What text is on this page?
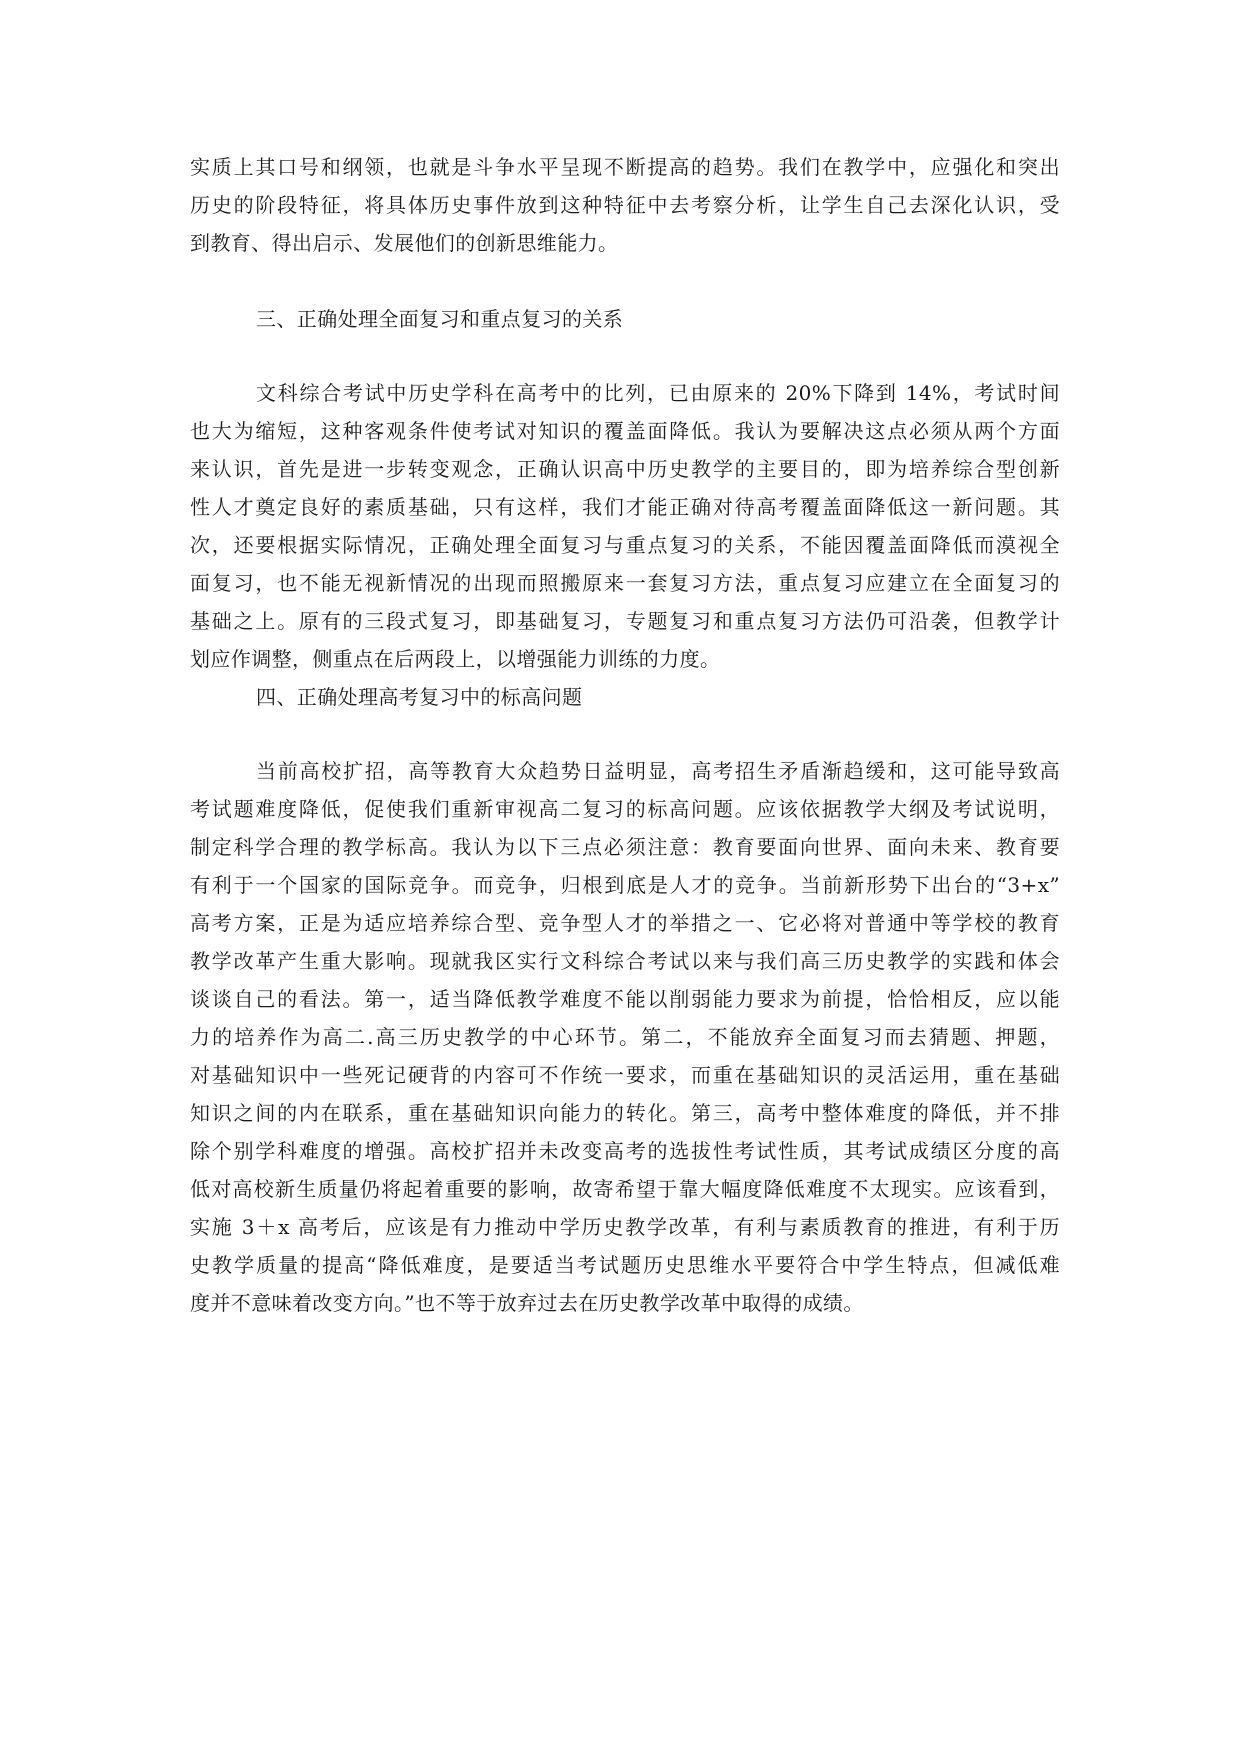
实质上其口号和纲领，也就是斗争水平呈现不断提高的趋势。我们在教学中，应强化和突出
历史的阶段特征，将具体历史事件放到这种特征中去考察分析，让学生自己去深化认识，受
到教育、得出启示、发展他们的创新思维能力。
三、正确处理全面复习和重点复习的关系
文科综合考试中历史学科在高考中的比列，已由原来的 20%下降到 14%，考试时间
也大为缩短，这种客观条件使考试对知识的覆盖面降低。我认为要解决这点必须从两个方面
来认识，首先是进一步转变观念，正确认识高中历史教学的主要目的，即为培养综合型创新
性人才奠定良好的素质基础，只有这样，我们才能正确对待高考覆盖面降低这一新问题。其
次，还要根据实际情况，正确处理全面复习与重点复习的关系，不能因覆盖面降低而漠视全
面复习，也不能无视新情况的出现而照搬原来一套复习方法，重点复习应建立在全面复习的
基础之上。原有的三段式复习，即基础复习，专题复习和重点复习方法仍可沿袭，但教学计
划应作调整，侧重点在后两段上，以增强能力训练的力度。
四、正确处理高考复习中的标高问题
当前高校扩招，高等教育大众趋势日益明显，高考招生矛盾渐趋缓和，这可能导致高
考试题难度降低，促使我们重新审视高二复习的标高问题。应该依据教学大纲及考试说明，
制定科学合理的教学标高。我认为以下三点必须注意：教育要面向世界、面向未来、教育要
有利于一个国家的国际竞争。而竞争，归根到底是人才的竞争。当前新形势下出台的“3+x”
高考方案，正是为适应培养综合型、竞争型人才的举措之一、它必将对普通中等学校的教育
教学改革产生重大影响。现就我区实行文科综合考试以来与我们高三历史教学的实践和体会
谈谈自己的看法。第一，适当降低教学难度不能以削弱能力要求为前提，恰恰相反，应以能
力的培养作为高二.高三历史教学的中心环节。第二，不能放弃全面复习而去猜题、押题，
对基础知识中一些死记硬背的内容可不作统一要求，而重在基础知识的灵活运用，重在基础
知识之间的内在联系，重在基础知识向能力的转化。第三，高考中整体难度的降低，并不排
除个别学科难度的增强。高校扩招并未改变高考的选拔性考试性质，其考试成绩区分度的高
低对高校新生质量仍将起着重要的影响，故寄希望于靠大幅度降低难度不太现实。应该看到，
实施 3＋x 高考后，应该是有力推动中学历史教学改革，有利与素质教育的推进，有利于历
史教学质量的提高“降低难度，是要适当考试题历史思维水平要符合中学生特点，但减低难
度并不意味着改变方向。”也不等于放弃过去在历史教学改革中取得的成绩。
